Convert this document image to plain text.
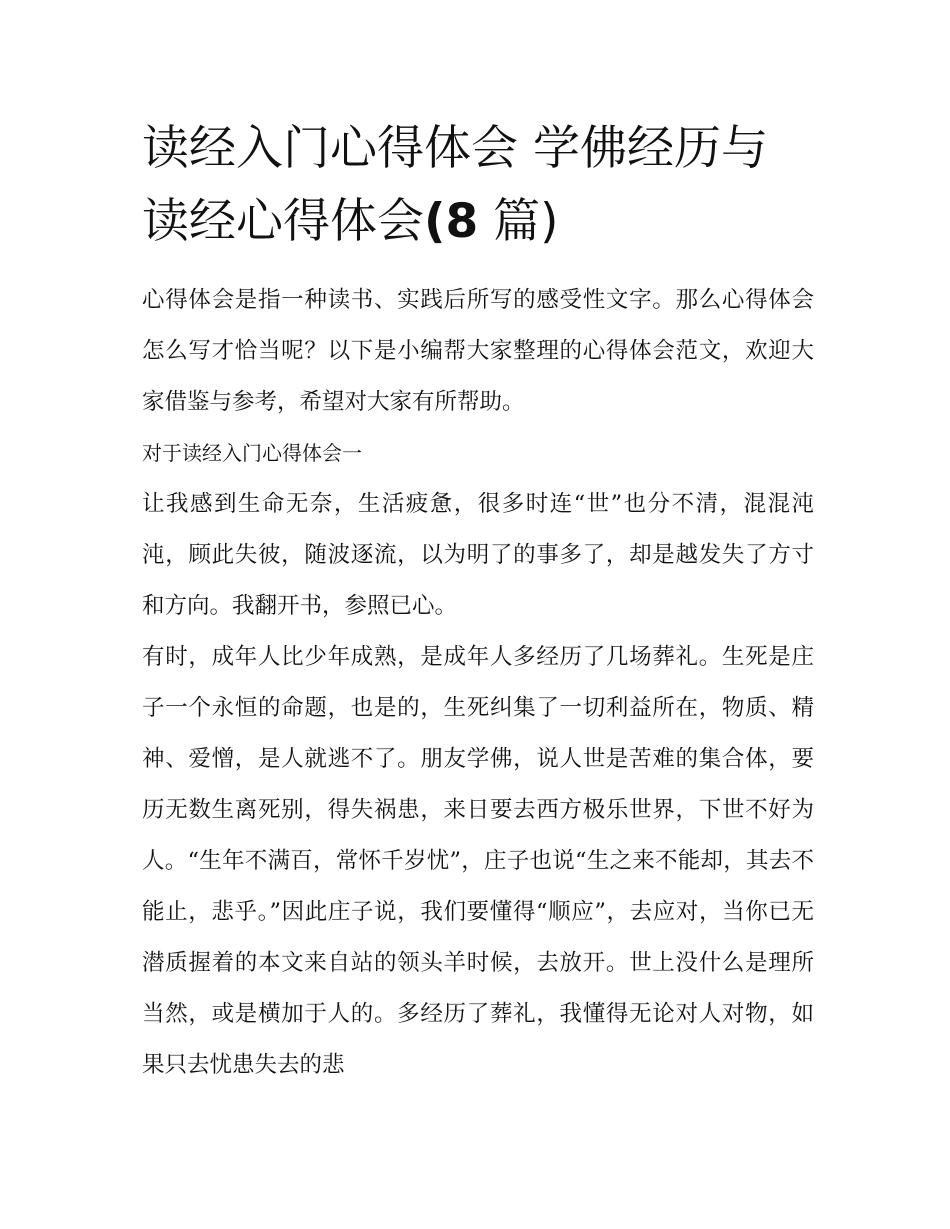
读经入门心得体会 学佛经历与读经心得体会(8 篇)

心得体会是指一种读书、实践后所写的感受性文字。那么心得体会怎么写才恰当呢？以下是小编帮大家整理的心得体会范文，欢迎大家借鉴与参考，希望对大家有所帮助。

对于读经入门心得体会一

让我感到生命无奈，生活疲惫，很多时连“世”也分不清，混混沌沌，顾此失彼，随波逐流，以为明了的事多了，却是越发失了方寸和方向。我翻开书，参照已心。

有时，成年人比少年成熟，是成年人多经历了几场葬礼。生死是庄子一个永恒的命题，也是的，生死纠集了一切利益所在，物质、精神、爱憎，是人就逃不了。朋友学佛，说人世是苦难的集合体，要历无数生离死别，得失祸患，来日要去西方极乐世界，下世不好为人。“生年不满百，常怀千岁忧”，庄子也说“生之来不能却，其去不能止，悲乎。”因此庄子说，我们要懂得“顺应”，去应对，当你已无潜质握着的本文来自站的领头羊时候，去放开。世上没什么是理所当然，或是横加于人的。多经历了葬礼，我懂得无论对人对物，如果只去忧患失去的悲
